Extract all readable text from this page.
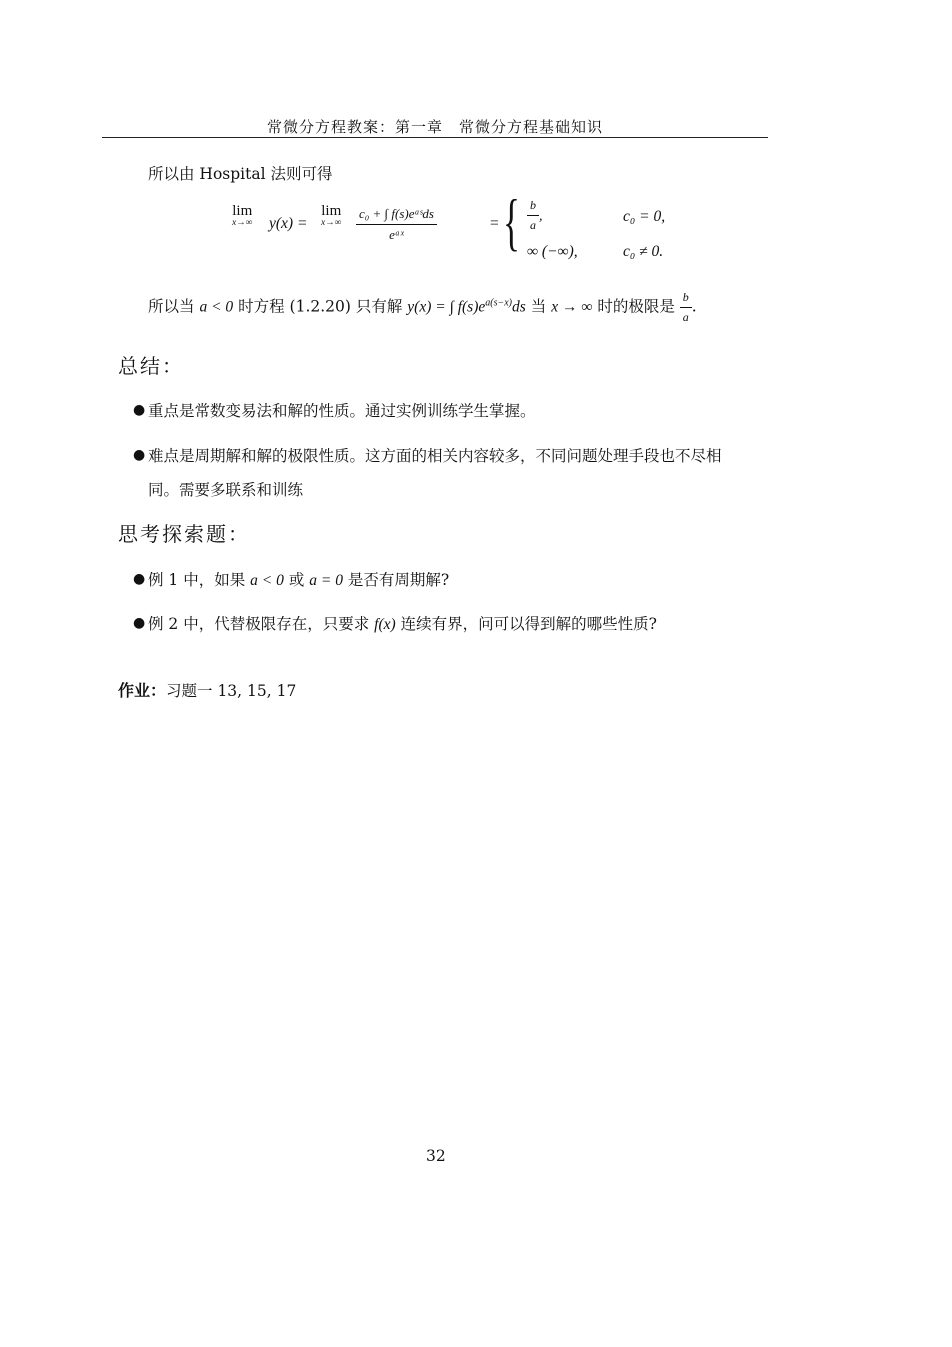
常微分方程教案：第一章　常微分方程基础知识
所以由 Hospital 法则可得
lim
x→∞ y(x) =
lim
$x\to\infty \frac{\text{c₀ + ∫ f(s)eᵃˢds}}{\text{eᵃˣ}}$	= { $\frac{b}{a}$ ,	c₀ = 0,
∞ (−∞),	c₀ ≠ 0.
所以当 a < 0 时方程 (1.2.20) 只有解 y(x) = ∫ $f(s)e^{a(s-x)}ds$ 当 x → ∞ 时的极限是 $\frac{b}{a}$ .
总结：
● 重点是常数变易法和解的性质。通过实例训练学生掌握。
● 难点是周期解和解的极限性质。这方面的相关内容较多，不同问题处理手段也不尽相
同。需要多联系和训练
思考探索题：
● 例 1 中，如果 a < 0 或 a = 0 是否有周期解?
● 例 2 中，代替极限存在，只要求 f(x) 连续有界，问可以得到解的哪些性质?
作业：习题一 13, 15, 17
32
